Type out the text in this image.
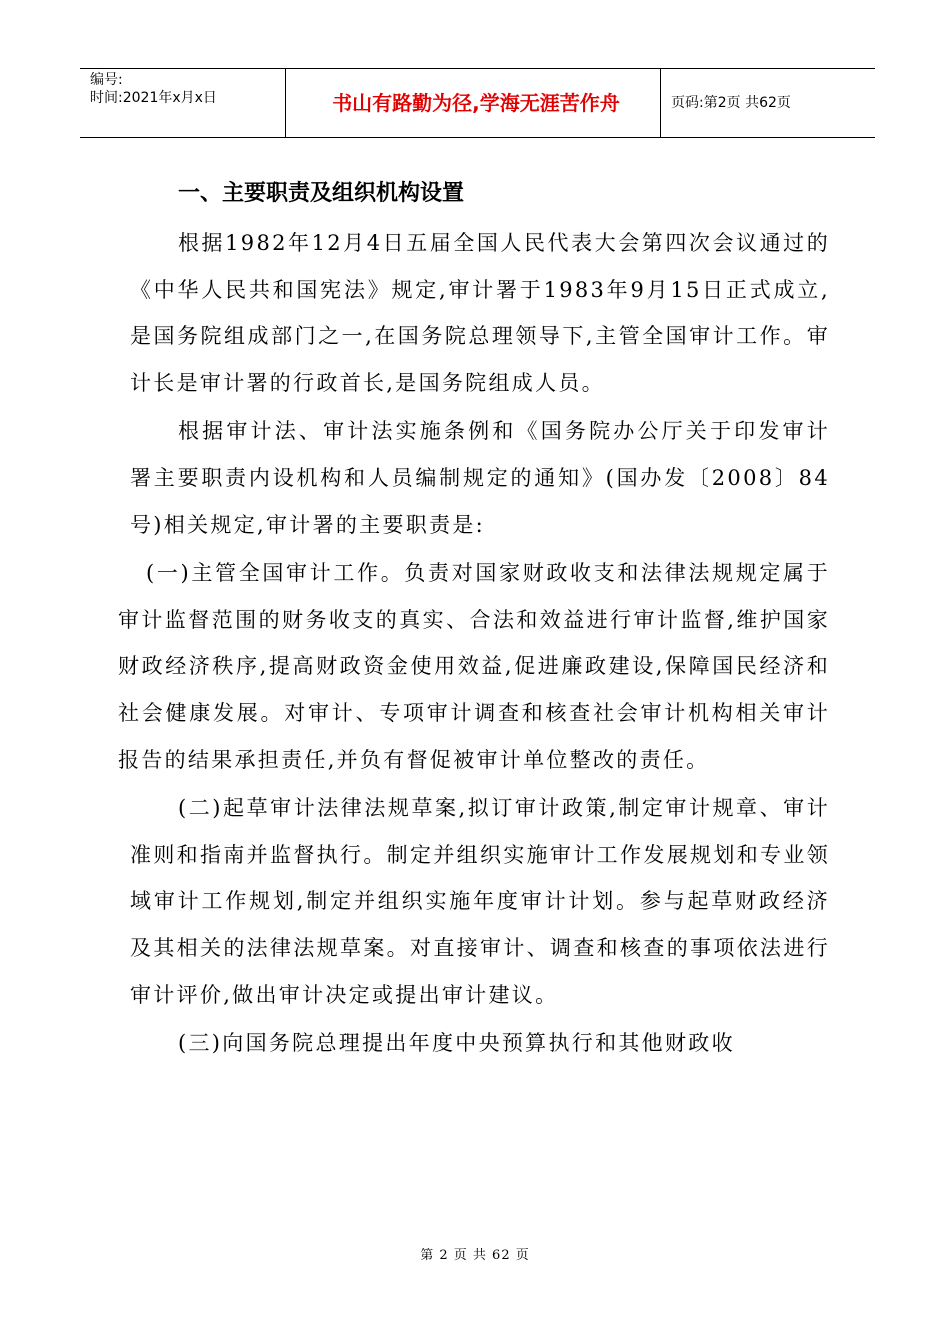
编号:
时间:2021年x月x日	书山有路勤为径,学海无涯苦作舟	页码:第2页 共62页
一、主要职责及组织机构设置

根据1982年12月4日五届全国人民代表大会第四次会议通过的《中华人民共和国宪法》规定,审计署于1983年9月15日正式成立,是国务院组成部门之一,在国务院总理领导下,主管全国审计工作。审计长是审计署的行政首长,是国务院组成人员。

根据审计法、审计法实施条例和《国务院办公厅关于印发审计署主要职责内设机构和人员编制规定的通知》(国办发〔2008〕84号)相关规定,审计署的主要职责是:

(一)主管全国审计工作。负责对国家财政收支和法律法规规定属于审计监督范围的财务收支的真实、合法和效益进行审计监督,维护国家财政经济秩序,提高财政资金使用效益,促进廉政建设,保障国民经济和社会健康发展。对审计、专项审计调查和核查社会审计机构相关审计报告的结果承担责任,并负有督促被审计单位整改的责任。

(二)起草审计法律法规草案,拟订审计政策,制定审计规章、审计准则和指南并监督执行。制定并组织实施审计工作发展规划和专业领域审计工作规划,制定并组织实施年度审计计划。参与起草财政经济及其相关的法律法规草案。对直接审计、调查和核查的事项依法进行审计评价,做出审计决定或提出审计建议。

(三)向国务院总理提出年度中央预算执行和其他财政收

第 2 页 共 62 页
